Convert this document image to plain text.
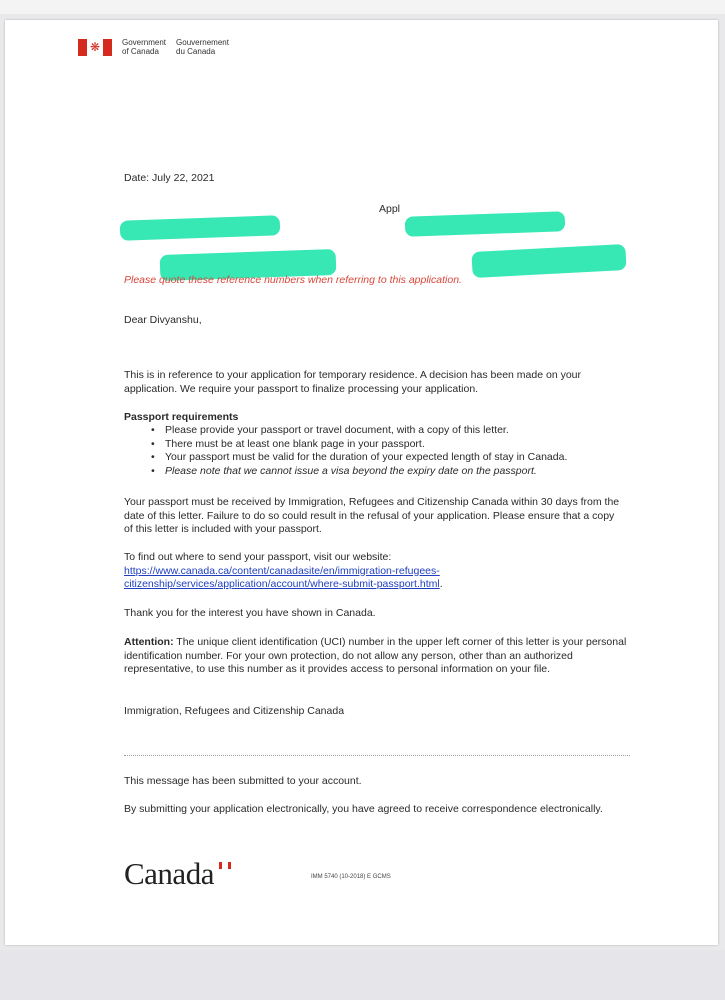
❋	Government
of Canada
Gouvernement
du Canada
Date: July 22, 2021
Appl
Please quote these reference numbers when referring to this application.
Dear Divyanshu,
This is in reference to your application for temporary residence. A decision has been made on your application. We require your passport to finalize processing your application.
Passport requirements
• Please provide your passport or travel document, with a copy of this letter.
• There must be at least one blank page in your passport.
• Your passport must be valid for the duration of your expected length of stay in Canada.
• Please note that we cannot issue a visa beyond the expiry date on the passport.
Your passport must be received by Immigration, Refugees and Citizenship Canada within 30 days from the date of this letter. Failure to do so could result in the refusal of your application. Please ensure that a copy of this letter is included with your passport.
To find out where to send your passport, visit our website: https://www.canada.ca/content/canadasite/en/immigration-refugees-citizenship/services/application/account/where-submit-passport.html.
Thank you for the interest you have shown in Canada.
Attention: The unique client identification (UCI) number in the upper left corner of this letter is your personal identification number. For your own protection, do not allow any person, other than an authorized representative, to use this number as it provides access to personal information on your file.
Immigration, Refugees and Citizenship Canada
This message has been submitted to your account.
By submitting your application electronically, you have agreed to receive correspondence electronically.
Canada	IMM 5740 (10-2018) E GCMS
